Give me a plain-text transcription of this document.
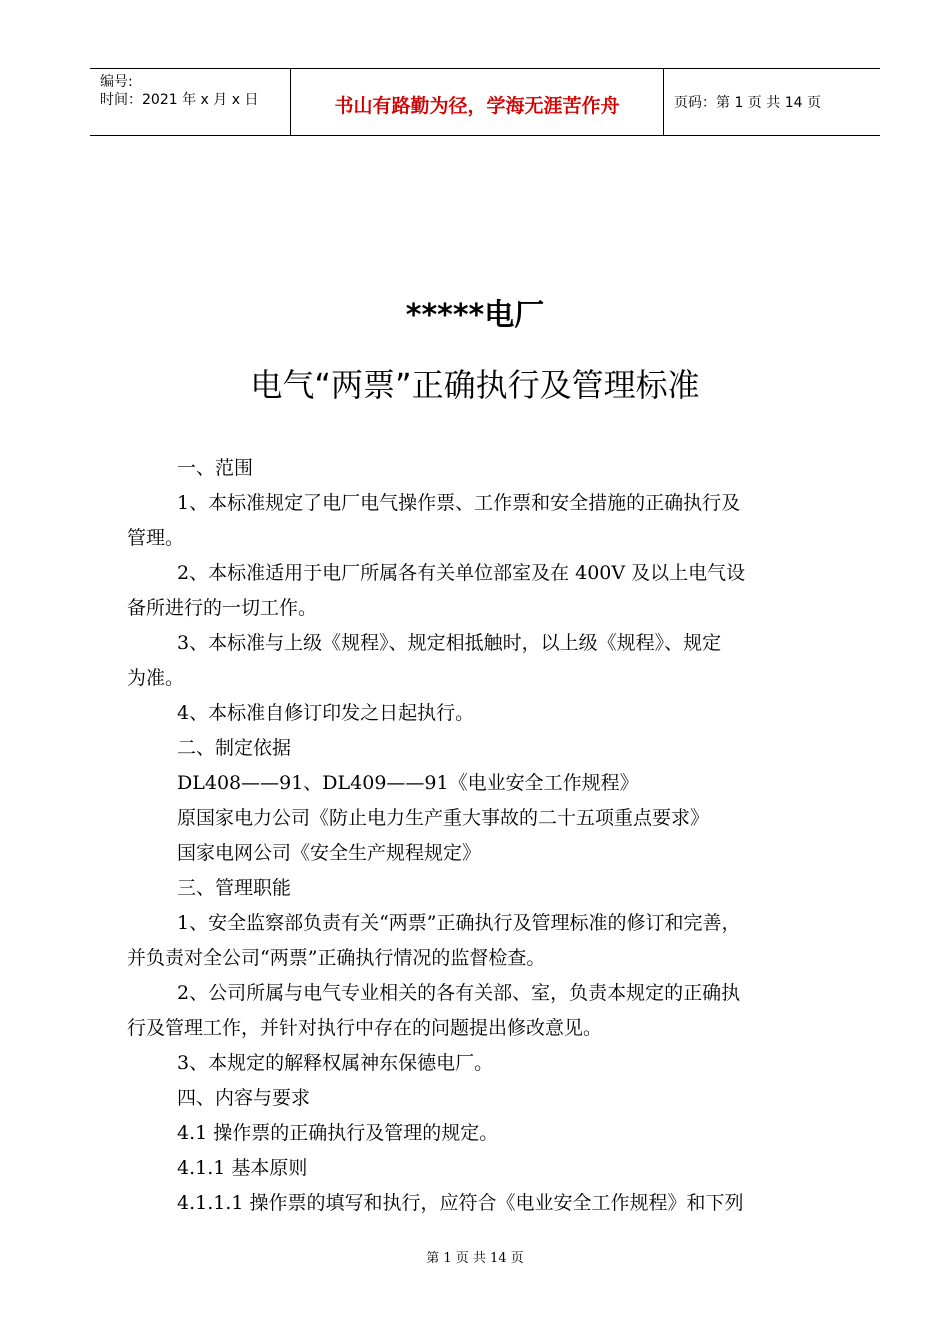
编号:
时间：2021 年 x 月 x 日	书山有路勤为径，学海无涯苦作舟	页码：第 1 页 共 14 页
*****电厂
电气“两票”正确执行及管理标准
一、范围
1、本标准规定了电厂电气操作票、工作票和安全措施的正确执行及
管理。
2、本标准适用于电厂所属各有关单位部室及在 400V 及以上电气设
备所进行的一切工作。
3、本标准与上级《规程》、规定相抵触时，以上级《规程》、规定
为准。
4、本标准自修订印发之日起执行。
二、制定依据
DL408——91、DL409——91《电业安全工作规程》
原国家电力公司《防止电力生产重大事故的二十五项重点要求》
国家电网公司《安全生产规程规定》
三、管理职能
1、安全监察部负责有关“两票”正确执行及管理标准的修订和完善，
并负责对全公司“两票”正确执行情况的监督检查。
2、公司所属与电气专业相关的各有关部、室，负责本规定的正确执
行及管理工作，并针对执行中存在的问题提出修改意见。
3、本规定的解释权属神东保德电厂。
四、内容与要求
4.1 操作票的正确执行及管理的规定。
4.1.1 基本原则
4.1.1.1 操作票的填写和执行，应符合《电业安全工作规程》和下列
第 1 页 共 14 页
